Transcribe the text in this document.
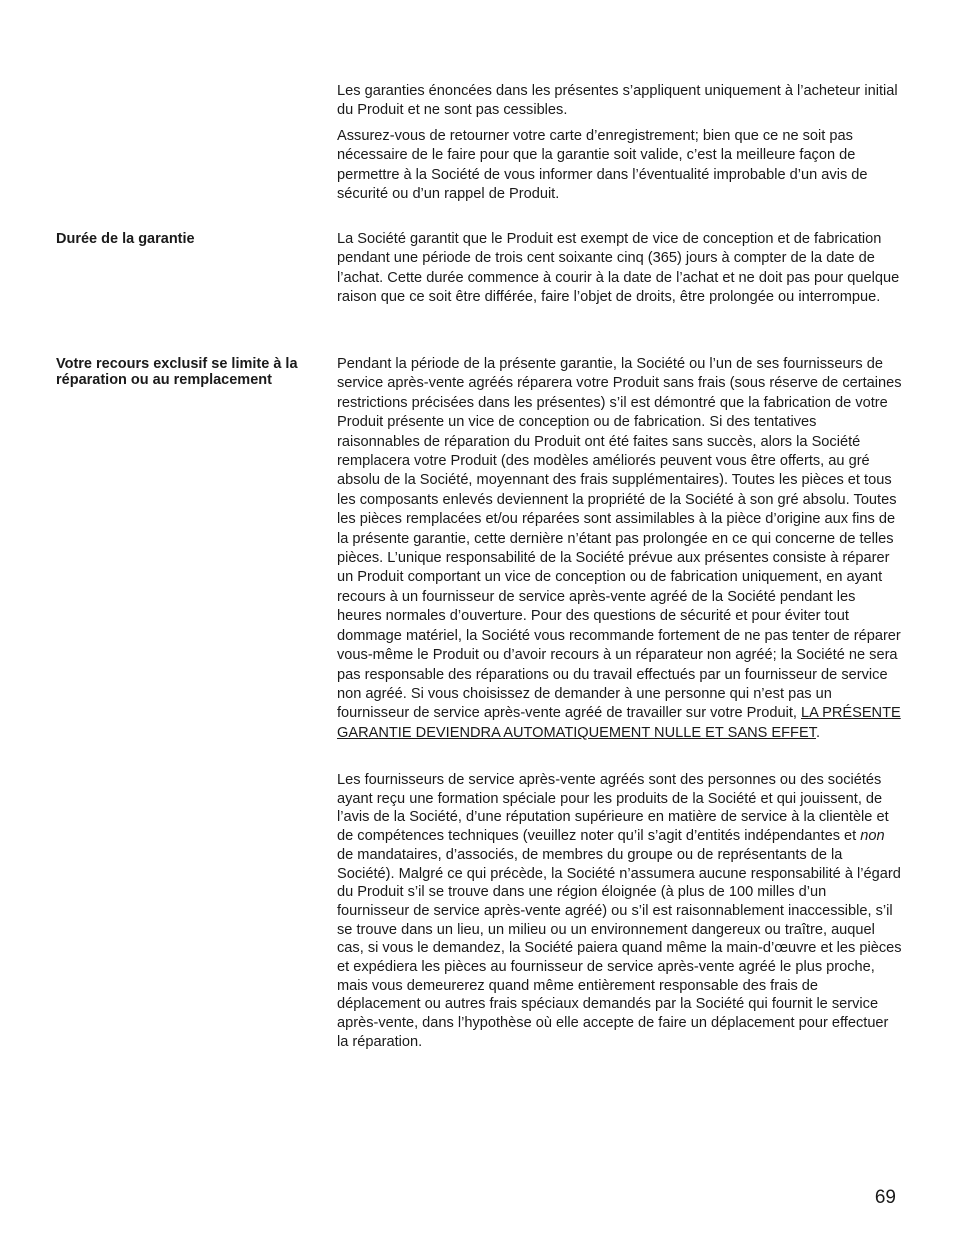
Les garanties énoncées dans les présentes s’appliquent uniquement à l’acheteur initial du Produit et ne sont pas cessibles.

Assurez-vous de retourner votre carte d’enregistrement; bien que ce ne soit pas nécessaire de le faire pour que la garantie soit valide, c’est la meilleure façon de permettre à la Société de vous informer dans l’éventualité improbable d’un avis de sécurité ou d’un rappel de Produit.

Durée de la garantie	La Société garantit que le Produit est exempt de vice de conception et de fabrication pendant une période de trois cent soixante cinq (365) jours à compter de la date de l’achat. Cette durée commence à courir à la date de l’achat et ne doit pas pour quelque raison que ce soit être différée, faire l’objet de droits, être prolongée ou interrompue.

Votre recours exclusif se limite à la réparation ou au remplacement

Pendant la période de la présente garantie, la Société ou l’un de ses fournisseurs de service après-vente agréés réparera votre Produit sans frais (sous réserve de certaines restrictions précisées dans les présentes) s’il est démontré que la fabrication de votre Produit présente un vice de conception ou de fabrication. Si des tentatives raisonnables de réparation du Produit ont été faites sans succès, alors la Société remplacera votre Produit (des modèles améliorés peuvent vous être offerts, au gré absolu de la Société, moyennant des frais supplémentaires). Toutes les pièces et tous les composants enlevés deviennent la propriété de la Société à son gré absolu. Toutes les pièces remplacées et/ou réparées sont assimilables à la pièce d’origine aux fins de la présente garantie, cette dernière n’étant pas prolongée en ce qui concerne de telles pièces. L’unique responsabilité de la Société prévue aux présentes consiste à réparer un Produit comportant un vice de conception ou de fabrication uniquement, en ayant recours à un fournisseur de service après-vente agréé de la Société pendant les heures normales d’ouverture. Pour des questions de sécurité et pour éviter tout dommage matériel, la Société vous recommande fortement de ne pas tenter de réparer vous-même le Produit ou d’avoir recours à un réparateur non agréé; la Société ne sera pas responsable des réparations ou du travail effectués par un fournisseur de service non agréé. Si vous choisissez de demander à une personne qui n’est pas un fournisseur de service après-vente agréé de travailler sur votre Produit, LA PRÉSENTE GARANTIE DEVIENDRA AUTOMATIQUEMENT NULLE ET SANS EFFET.

Les fournisseurs de service après-vente agréés sont des personnes ou des sociétés ayant reçu une formation spéciale pour les produits de la Société et qui jouissent, de l’avis de la Société, d’une réputation supérieure en matière de service à la clientèle et de compétences techniques (veuillez noter qu’il s’agit d’entités indépendantes et non de mandataires, d’associés, de membres du groupe ou de représentants de la Société). Malgré ce qui précède, la Société n’assumera aucune responsabilité à l’égard du Produit s’il se trouve dans une région éloignée (à plus de 100 milles d’un fournisseur de service après-vente agréé) ou s’il est raisonnablement inaccessible, s’il se trouve dans un lieu, un milieu ou un environnement dangereux ou traître, auquel cas, si vous le demandez, la Société paiera quand même la main-d’œuvre et les pièces et expédiera les pièces au fournisseur de service après-vente agréé le plus proche, mais vous demeurerez quand même entièrement responsable des frais de déplacement ou autres frais spéciaux demandés par la Société qui fournit le service après-vente, dans l’hypothèse où elle accepte de faire un déplacement pour effectuer la réparation.

69
